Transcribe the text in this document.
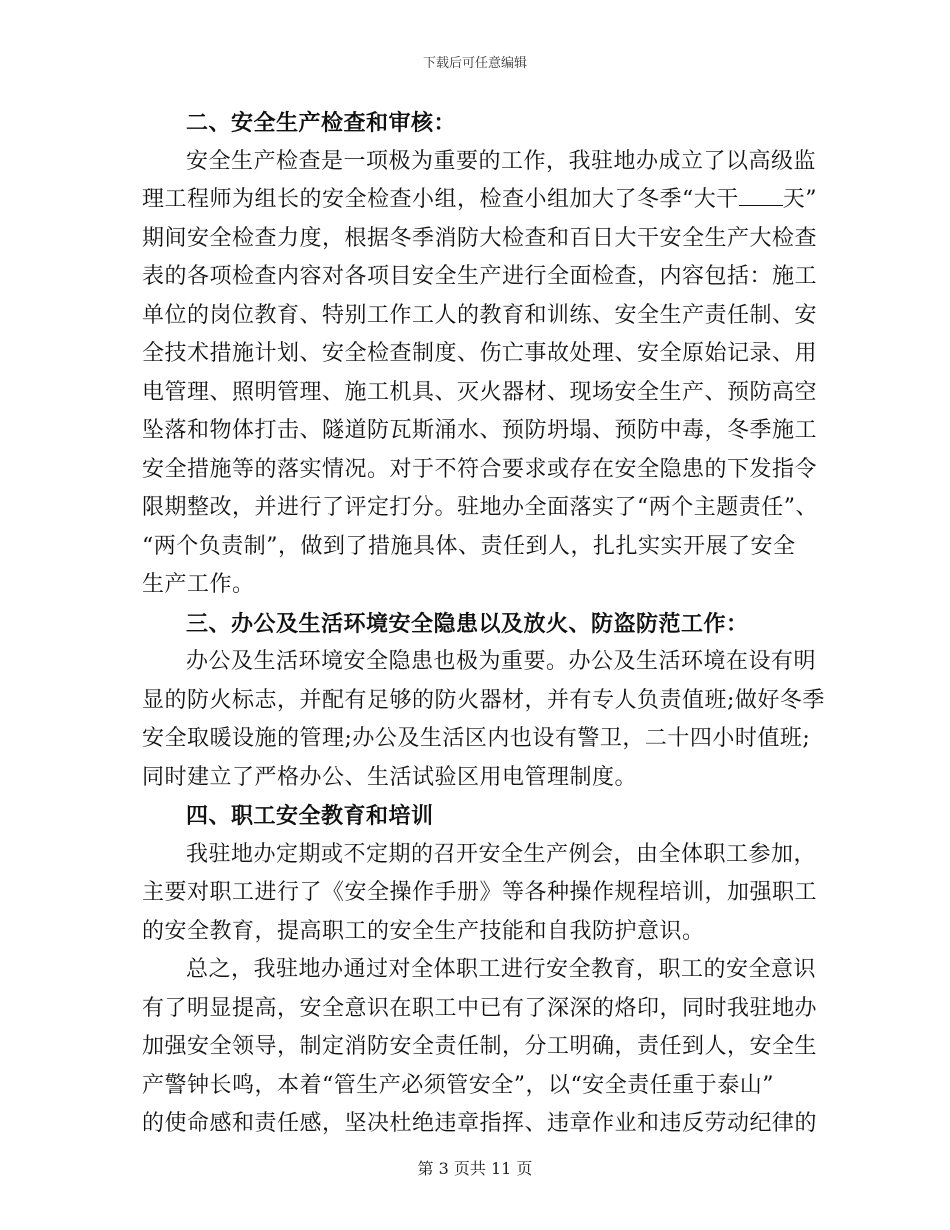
下载后可任意编辑
二、安全生产检查和审核：
安全生产检查是一项极为重要的工作，我驻地办成立了以高级监
理工程师为组长的安全检查小组，检查小组加大了冬季“大干 天”
期间安全检查力度，根据冬季消防大检查和百日大干安全生产大检查
表的各项检查内容对各项目安全生产进行全面检查，内容包括：施工
单位的岗位教育、特别工作工人的教育和训练、安全生产责任制、安
全技术措施计划、安全检查制度、伤亡事故处理、安全原始记录、用
电管理、照明管理、施工机具、灭火器材、现场安全生产、预防高空
坠落和物体打击、隧道防瓦斯涌水、预防坍塌、预防中毒，冬季施工
安全措施等的落实情况。对于不符合要求或存在安全隐患的下发指令
限期整改，并进行了评定打分。驻地办全面落实了“两个主题责任”、
“两个负责制”，做到了措施具体、责任到人，扎扎实实开展了安全
生产工作。
三、办公及生活环境安全隐患以及放火、防盗防范工作：
办公及生活环境安全隐患也极为重要。办公及生活环境在设有明
显的防火标志，并配有足够的防火器材，并有专人负责值班;做好冬季
安全取暖设施的管理;办公及生活区内也设有警卫，二十四小时值班;
同时建立了严格办公、生活试验区用电管理制度。
四、职工安全教育和培训
我驻地办定期或不定期的召开安全生产例会，由全体职工参加，
主要对职工进行了《安全操作手册》等各种操作规程培训，加强职工
的安全教育，提高职工的安全生产技能和自我防护意识。
总之，我驻地办通过对全体职工进行安全教育，职工的安全意识
有了明显提高，安全意识在职工中已有了深深的烙印，同时我驻地办
加强安全领导，制定消防安全责任制，分工明确，责任到人，安全生
产警钟长鸣，本着“管生产必须管安全”，以“安全责任重于泰山”
的使命感和责任感，坚决杜绝违章指挥、违章作业和违反劳动纪律的
第 3 页共 11 页
